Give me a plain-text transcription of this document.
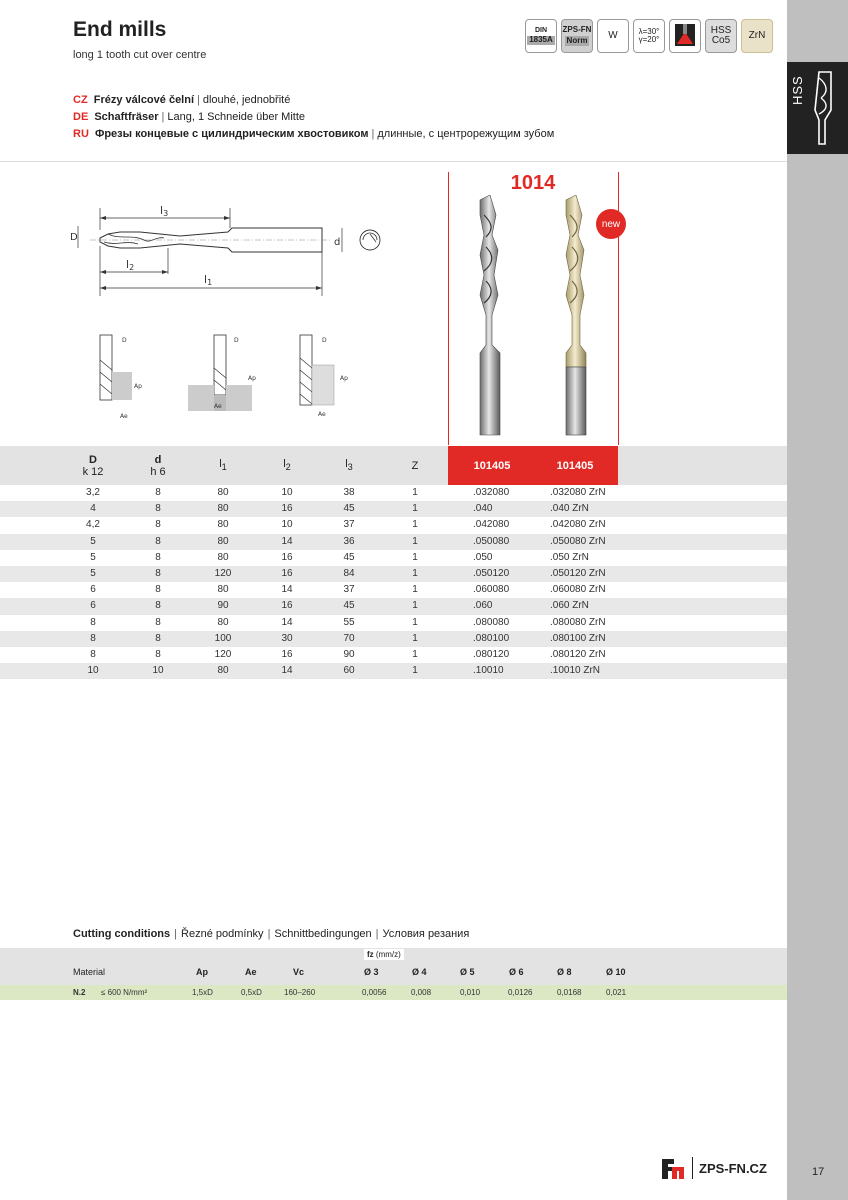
HSS
17
End mills
long 1 tooth cut over centre
DIN
1835A
ZPS-FN
Norm W	λ=30°
γ=20°
HSS
Co5 ZrN
CZ Frézy válcové čelní | dlouhé, jednobřité
DE Schaftfräser | Lang, 1 Schneide über Mitte
RU Фрезы концевые с цилиндрическим хвостовиком | длинные, с центрорежущим зубом
l3
D	d
l2
l1
D
Ap
Ae
D
Ap
Ae
D
Ap
Ae
1014
new
D
k 12
d
h 6
$l_1$	$l_2$	$l_3$	Z	101405	101405
3,2	8	80	10	38	1	.032080	.032080 ZrN
4	8	80	16	45	1	.040	.040 ZrN
4,2	8	80	10	37	1	.042080	.042080 ZrN
5	8	80	14	36	1	.050080	.050080 ZrN
5	8	80	16	45	1	.050	.050 ZrN
5	8	120	16	84	1	.050120	.050120 ZrN
6	8	80	14	37	1	.060080	.060080 ZrN
6	8	90	16	45	1	.060	.060 ZrN
8	8	80	14	55	1	.080080	.080080 ZrN
8	8	100	30	70	1	.080100	.080100 ZrN
8	8	120	16	90	1	.080120	.080120 ZrN
10	10	80	14	60	1	.10010	.10010 ZrN
Cutting conditions | Řezné podmínky | Schnittbedingungen | Условия резания
fz (mm/z)
Material	Ap	Ae	Vc	Ø 3	Ø 4	Ø 5	Ø 6	Ø 8	Ø 10
N.2 ≤ 600 N/mm²	1,5xD	0,5xD	160–260	0,0056	0,008	0,010	0,0126	0,0168	0,021
ZPS-FN.CZ
